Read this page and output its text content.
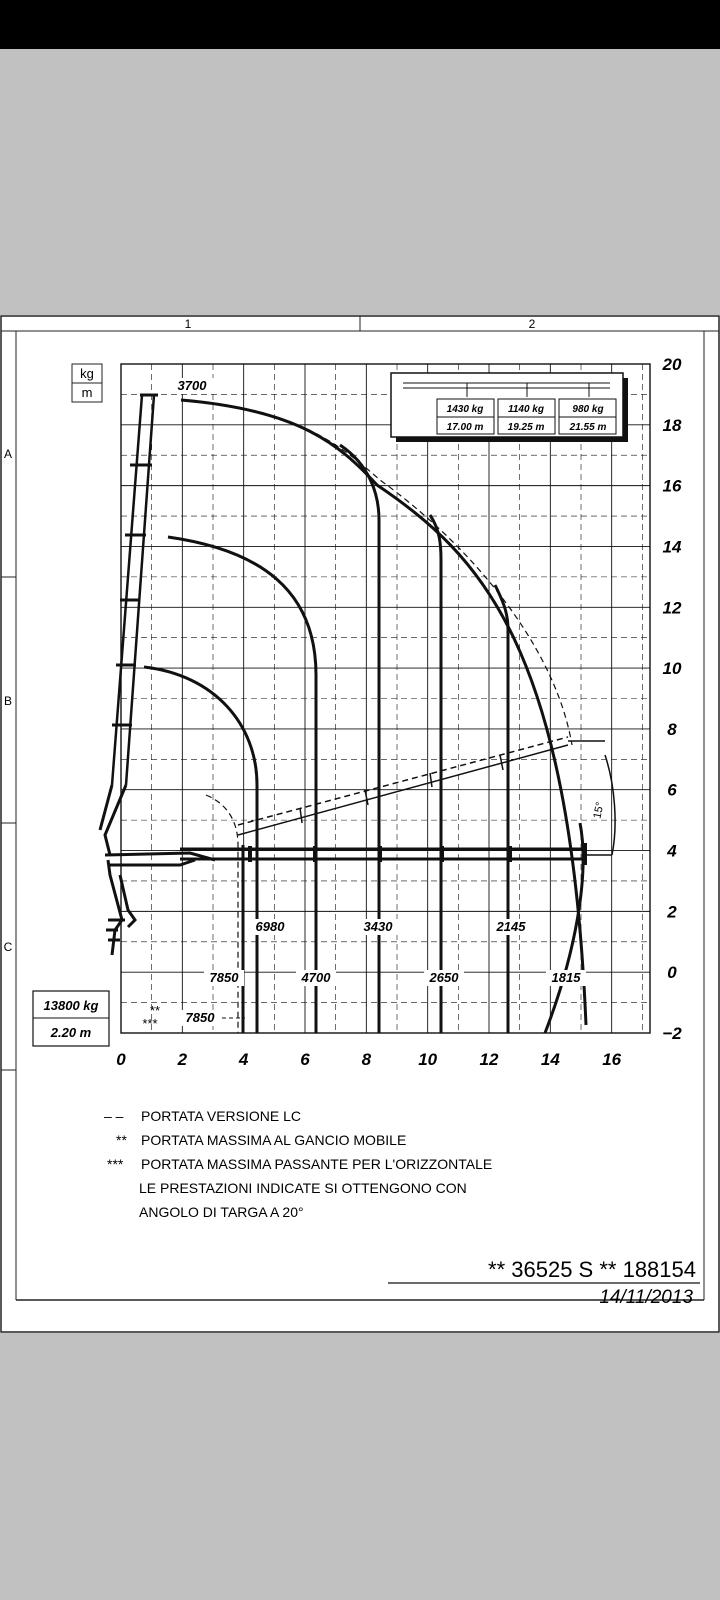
1	2
A
B
C
0	2	4	6	8	10 12 14 16
20
18
16
14
12
10
8
6
4
2
0
−2
kg
m
15°
1430 kg 1140 kg	980 kg
17.00 m 19.25 m	21.55 m
3700
6980	3430	2145
7850	4700	2650	1815
7850
**
***
13800 kg
2.20 m
– – PORTATA VERSIONE LC
** PORTATA MASSIMA AL GANCIO MOBILE
*** PORTATA MASSIMA PASSANTE PER L'ORIZZONTALE
LE PRESTAZIONI INDICATE SI OTTENGONO CON
ANGOLO DI TARGA A 20°
** 36525 S ** 188154
14/11/2013
